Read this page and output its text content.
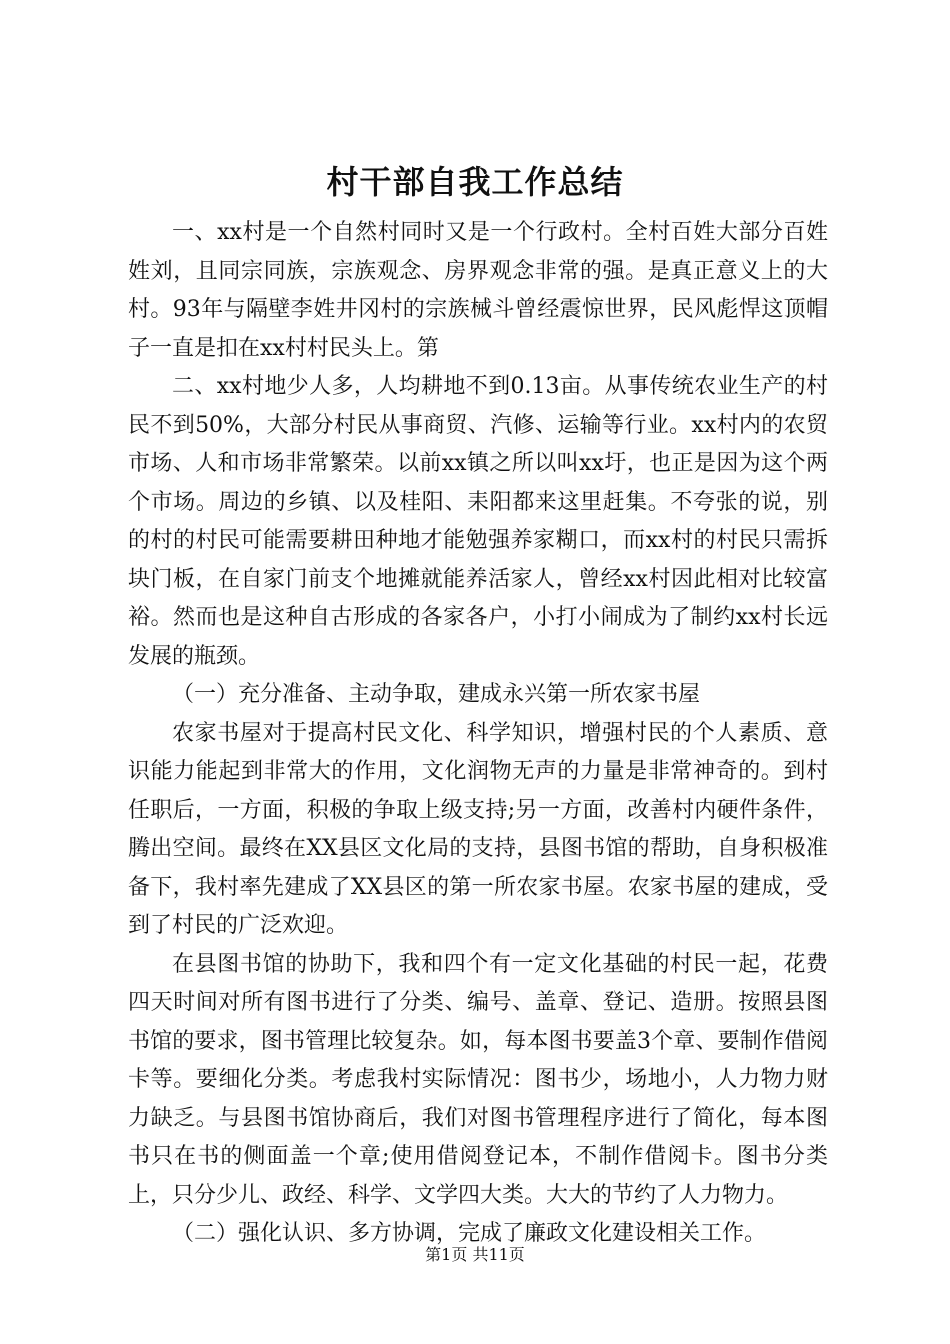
村干部自我工作总结

一、xx村是一个自然村同时又是一个行政村。全村百姓大部分百姓姓刘，且同宗同族，宗族观念、房界观念非常的强。是真正意义上的大村。93年与隔壁李姓井冈村的宗族械斗曾经震惊世界，民风彪悍这顶帽子一直是扣在xx村村民头上。第

二、xx村地少人多，人均耕地不到0.13亩。从事传统农业生产的村民不到50%，大部分村民从事商贸、汽修、运输等行业。xx村内的农贸市场、人和市场非常繁荣。以前xx镇之所以叫xx圩，也正是因为这个两个市场。周边的乡镇、以及桂阳、耒阳都来这里赶集。不夸张的说，别的村的村民可能需要耕田种地才能勉强养家糊口，而xx村的村民只需拆块门板，在自家门前支个地摊就能养活家人，曾经xx村因此相对比较富裕。然而也是这种自古形成的各家各户，小打小闹成为了制约xx村长远发展的瓶颈。

（一）充分准备、主动争取，建成永兴第一所农家书屋

农家书屋对于提高村民文化、科学知识，增强村民的个人素质、意识能力能起到非常大的作用，文化润物无声的力量是非常神奇的。到村任职后，一方面，积极的争取上级支持;另一方面，改善村内硬件条件，腾出空间。最终在XX县区文化局的支持，县图书馆的帮助，自身积极准备下，我村率先建成了XX县区的第一所农家书屋。农家书屋的建成，受到了村民的广泛欢迎。

在县图书馆的协助下，我和四个有一定文化基础的村民一起，花费四天时间对所有图书进行了分类、编号、盖章、登记、造册。按照县图书馆的要求，图书管理比较复杂。如，每本图书要盖3个章、要制作借阅卡等。要细化分类。考虑我村实际情况：图书少，场地小，人力物力财力缺乏。与县图书馆协商后，我们对图书管理程序进行了简化，每本图书只在书的侧面盖一个章;使用借阅登记本，不制作借阅卡。图书分类上，只分少儿、政经、科学、文学四大类。大大的节约了人力物力。

（二）强化认识、多方协调，完成了廉政文化建设相关工作。

第1页 共11页
